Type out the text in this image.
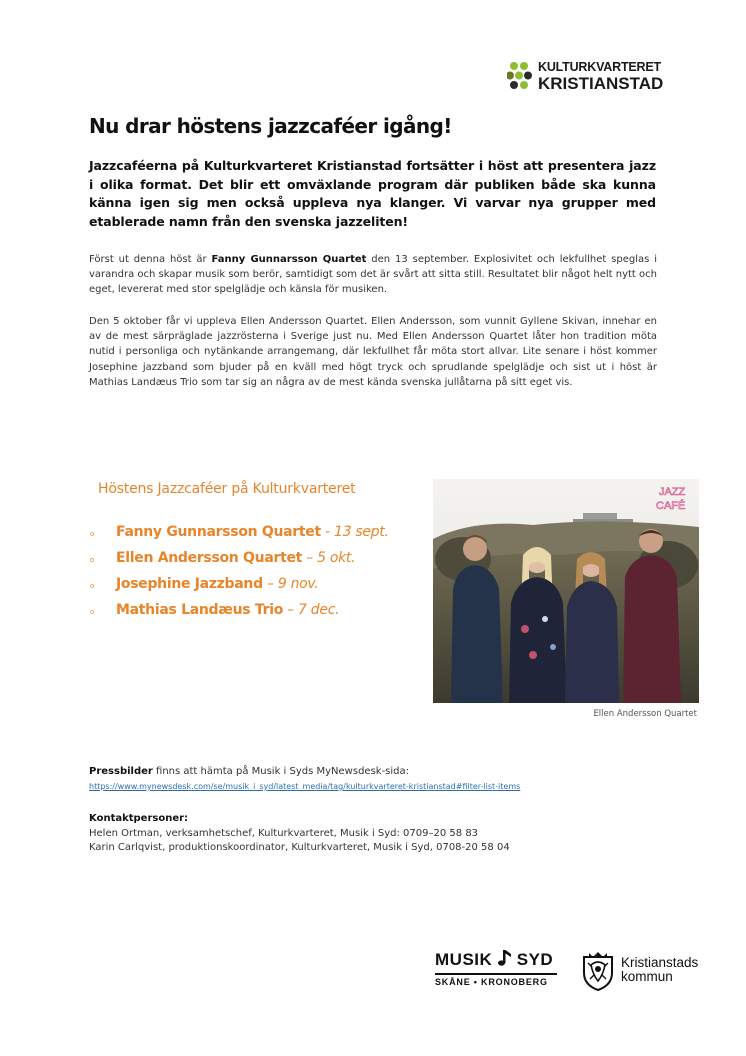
KULTURKVARTERET
KRISTIANSTAD
Nu drar höstens jazzcaféer igång!
Jazzcaféerna på Kulturkvarteret Kristianstad fortsätter i höst att presentera jazz i olika format. Det blir ett omväxlande program där publiken både ska kunna känna igen sig men också uppleva nya klanger. Vi varvar nya grupper med etablerade namn från den svenska jazzeliten!
Först ut denna höst är Fanny Gunnarsson Quartet den 13 september. Explosivitet och lekfullhet speglas i varandra och skapar musik som berör, samtidigt som det är svårt att sitta still. Resultatet blir något helt nytt och eget, levererat med stor spelglädje och känsla för musiken.
Den 5 oktober får vi uppleva Ellen Andersson Quartet. Ellen Andersson, som vunnit Gyllene Skivan, innehar en av de mest särpräglade jazzrösterna i Sverige just nu. Med Ellen Andersson Quartet låter hon tradition möta nutid i personliga och nytänkande arrangemang, där lekfullhet får möta stort allvar. Lite senare i höst kommer Josephine jazzband som bjuder på en kväll med högt tryck och sprudlande spelglädje och sist ut i höst är Mathias Landæus Trio som tar sig an några av de mest kända svenska jullåtarna på sitt eget vis.
Höstens Jazzcaféer på Kulturkvarteret
o Fanny Gunnarsson Quartet - 13 sept.
o Ellen Andersson Quartet – 5 okt.
o Josephine Jazzband – 9 nov.
o Mathias Landæus Trio – 7 dec.
JAZZ
CAFÉ
Ellen Andersson Quartet
Pressbilder finns att hämta på Musik i Syds MyNewsdesk-sida:
https://www.mynewsdesk.com/se/musik_i_syd/latest_media/tag/kulturkvarteret-kristianstad#filter-list-items
Kontaktpersoner:
Helen Ortman, verksamhetschef, Kulturkvarteret, Musik i Syd: 0709–20 58 83
Karin Carlqvist, produktionskoordinator, Kulturkvarteret, Musik i Syd, 0708-20 58 04
MUSIK SYD
SKÅNE • KRONOBERG
Kristianstads
kommun
